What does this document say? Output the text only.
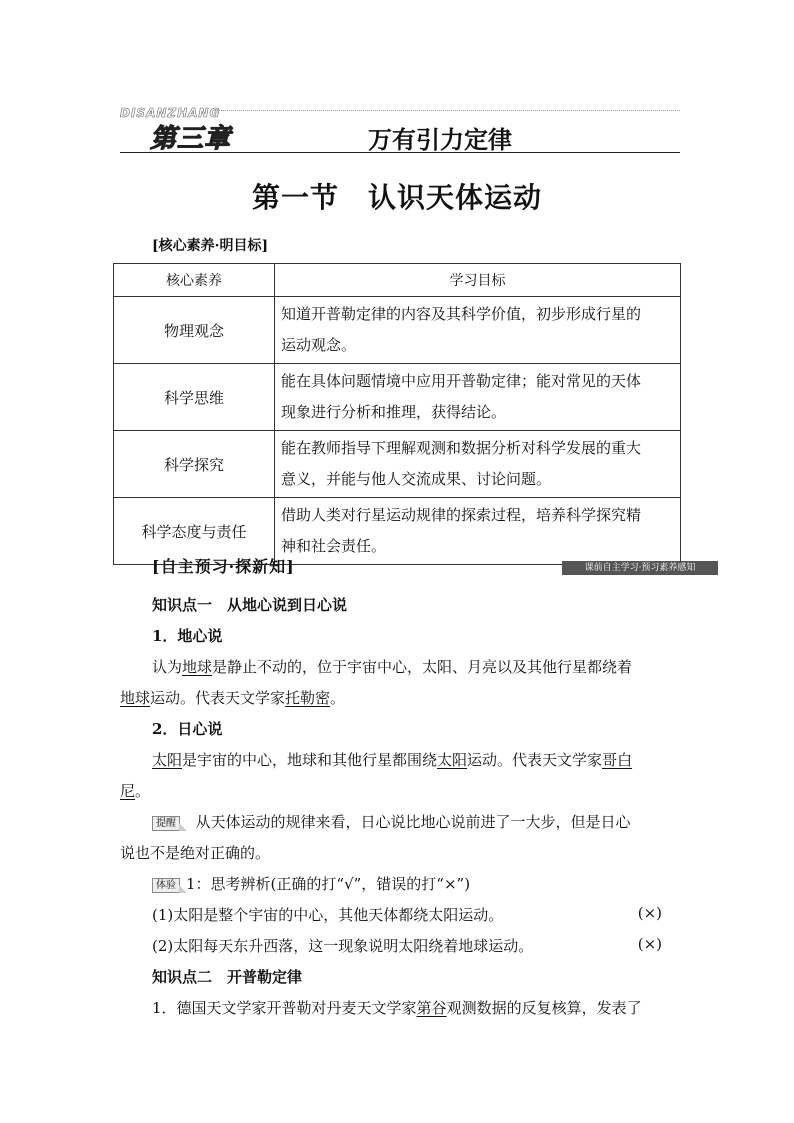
DISANZHANG
第三章	万有引力定律
第一节　认识天体运动
[核心素养·明目标]
核心素养	学习目标
物理观念	知道开普勒定律的内容及其科学价值，初步形成行星的
运动观念。
科学思维	能在具体问题情境中应用开普勒定律；能对常见的天体
现象进行分析和推理，获得结论。
科学探究	能在教师指导下理解观测和数据分析对科学发展的重大
意义，并能与他人交流成果、讨论问题。
科学态度与责任	借助人类对行星运动规律的探索过程，培养科学探究精
神和社会责任。
[自主预习·探新知]	课前自主学习·预习素养感知
知识点一　从地心说到日心说
1．地心说
认为地球是静止不动的，位于宇宙中心，太阳、月亮以及其他行星都绕着
地球运动。代表天文学家托勒密。
2．日心说
太阳是宇宙的中心，地球和其他行星都围绕太阳运动。代表天文学家哥白
尼。
提醒 从天体运动的规律来看，日心说比地心说前进了一大步，但是日心
说也不是绝对正确的。
体验 1：思考辨析(正确的打“√”，错误的打“×”)
(1)太阳是整个宇宙的中心，其他天体都绕太阳运动。	(×)
(2)太阳每天东升西落，这一现象说明太阳绕着地球运动。	(×)
知识点二　开普勒定律
1．德国天文学家开普勒对丹麦天文学家第谷观测数据的反复核算，发表了
